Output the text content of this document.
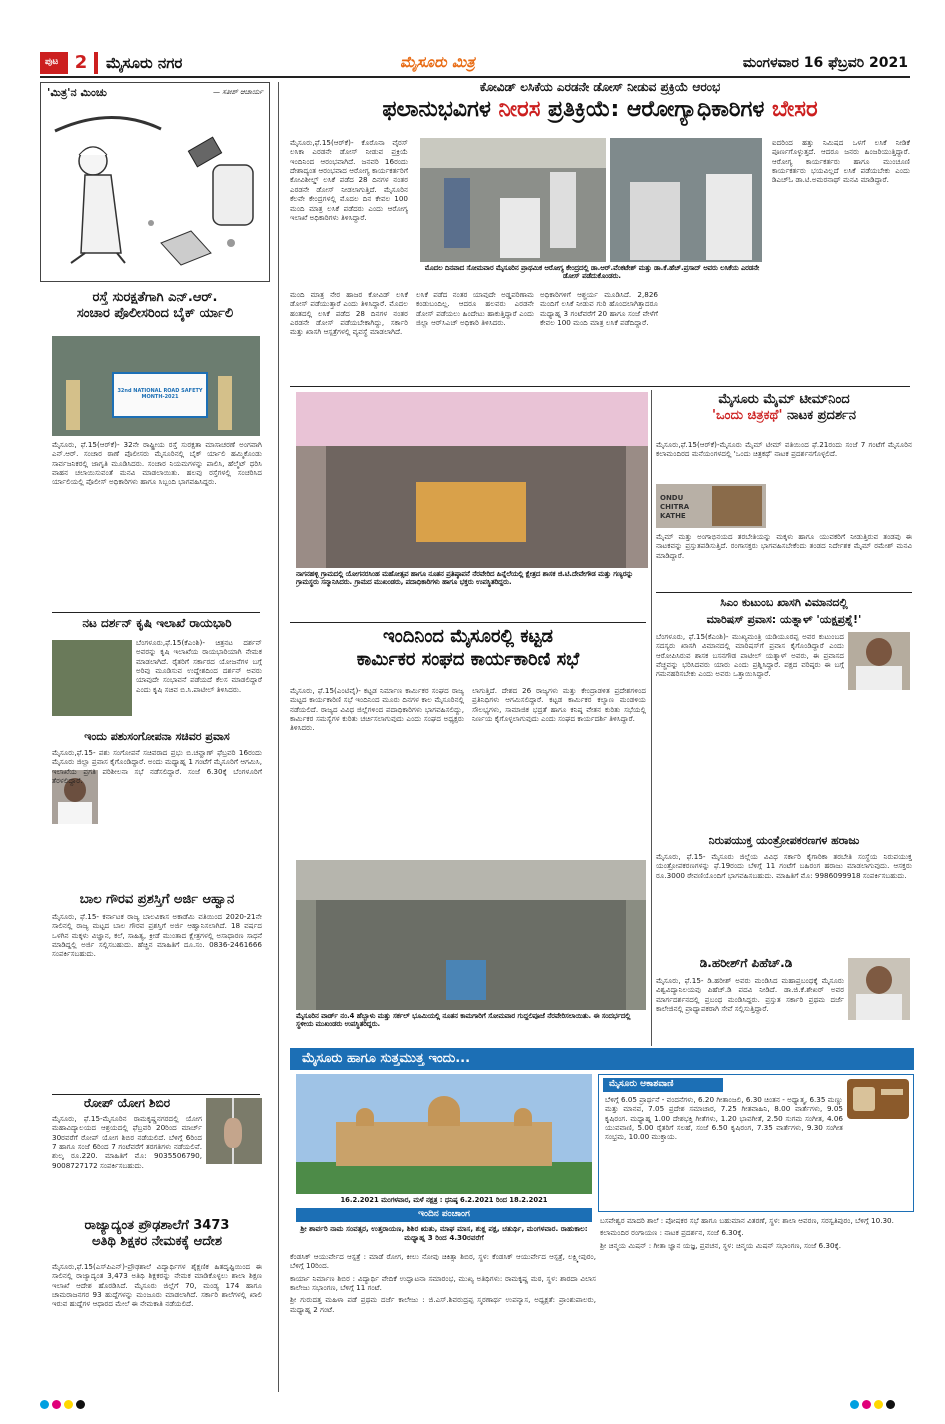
ಪುಟ 2	ಮೈಸೂರು ನಗರ	ಮೈಸೂರು ಮಿತ್ರ	ಮಂಗಳವಾರ 16 ಫೆಬ್ರವರಿ 2021
'ಮಿತ್ರ'ನ ಮಿಂಚು	— ಸತೀಶ್ ಆಚಾರ್ಯ
ರಸ್ತೆ ಸುರಕ್ಷತೆಗಾಗಿ ಎನ್.ಆರ್.
ಸಂಚಾರ ಪೊಲೀಸರಿಂದ ಬೈಕ್ ರ್ಯಾಲಿ
32nd NATIONAL ROAD SAFETY MONTH-2021
ಮೈಸೂರು, ಫೆ.15(ಆರ್‌ಕೆ)- 32ನೇ ರಾಷ್ಟ್ರೀಯ ರಸ್ತೆ ಸುರಕ್ಷತಾ ಮಾಸಾಚರಣೆ ಅಂಗವಾಗಿ ಎನ್.ಆರ್. ಸಂಚಾರ ಠಾಣೆ ಪೊಲೀಸರು ಮೈಸೂರಿನಲ್ಲಿ ಬೈಕ್ ರ್ಯಾಲಿ ಹಮ್ಮಿಕೊಂಡು ಸಾರ್ವಜನಿಕರಲ್ಲಿ ಜಾಗೃತಿ ಮೂಡಿಸಿದರು. ಸಂಚಾರ ನಿಯಮಗಳನ್ನು ಪಾಲಿಸಿ, ಹೆಲ್ಮೆಟ್ ಧರಿಸಿ ವಾಹನ ಚಲಾಯಿಸುವಂತೆ ಮನವಿ ಮಾಡಲಾಯಿತು. ಹಲವು ರಸ್ತೆಗಳಲ್ಲಿ ಸಂಚರಿಸಿದ ರ್ಯಾಲಿಯಲ್ಲಿ ಪೊಲೀಸ್ ಅಧಿಕಾರಿಗಳು ಹಾಗೂ ಸಿಬ್ಬಂದಿ ಭಾಗವಹಿಸಿದ್ದರು.
ನಟ ದರ್ಶನ್ ಕೃಷಿ ಇಲಾಖೆ ರಾಯಭಾರಿ
ಬೆಂಗಳೂರು,ಫೆ.15(ಕೆಎಂಶಿ)- ಚಿತ್ರನಟ ದರ್ಶನ್ ಅವರನ್ನು ಕೃಷಿ ಇಲಾಖೆಯ ರಾಯಭಾರಿಯಾಗಿ ನೇಮಕ ಮಾಡಲಾಗಿದೆ. ರೈತರಿಗೆ ಸರ್ಕಾರದ ಯೋಜನೆಗಳ ಬಗ್ಗೆ ಅರಿವು ಮೂಡಿಸುವ ಉದ್ದೇಶದಿಂದ ದರ್ಶನ್ ಅವರು ಯಾವುದೇ ಸಂಭಾವನೆ ಪಡೆಯದೆ ಕೆಲಸ ಮಾಡಲಿದ್ದಾರೆ ಎಂದು ಕೃಷಿ ಸಚಿವ ಬಿ.ಸಿ.ಪಾಟೀಲ್ ತಿಳಿಸಿದರು.
ಇಂದು ಪಶುಸಂಗೋಪನಾ ಸಚಿವರ ಪ್ರವಾಸ
ಮೈಸೂರು,ಫೆ.15- ಪಶು ಸಂಗೋಪನೆ ಸಚಿವರಾದ ಪ್ರಭು ಬಿ.ಚವ್ಹಾಣ್ ಫೆಬ್ರವರಿ 16ರಂದು ಮೈಸೂರು ಜಿಲ್ಲಾ ಪ್ರವಾಸ ಕೈಗೊಂಡಿದ್ದಾರೆ. ಅಂದು ಮಧ್ಯಾಹ್ನ 1 ಗಂಟೆಗೆ ಮೈಸೂರಿಗೆ ಆಗಮಿಸಿ, ಇಲಾಖೆಯ ಪ್ರಗತಿ ಪರಿಶೀಲನಾ ಸಭೆ ನಡೆಸಲಿದ್ದಾರೆ. ಸಂಜೆ 6.30ಕ್ಕೆ ಬೆಂಗಳೂರಿಗೆ ತೆರಳಲಿದ್ದಾರೆ.
ಬಾಲ ಗೌರವ ಪ್ರಶಸ್ತಿಗೆ ಅರ್ಜಿ ಆಹ್ವಾನ
ಮೈಸೂರು, ಫೆ.15- ಕರ್ನಾಟಕ ರಾಜ್ಯ ಬಾಲವಿಕಾಸ ಅಕಾಡೆಮಿ ವತಿಯಿಂದ 2020-21ನೇ ಸಾಲಿನಲ್ಲಿ ರಾಜ್ಯ ಮಟ್ಟದ ಬಾಲ ಗೌರವ ಪ್ರಶಸ್ತಿಗೆ ಅರ್ಜಿ ಆಹ್ವಾನಿಸಲಾಗಿದೆ. 18 ವರ್ಷದ ಒಳಗಿನ ಮಕ್ಕಳು ವಿಜ್ಞಾನ, ಕಲೆ, ಸಾಹಿತ್ಯ, ಕ್ರೀಡೆ ಮುಂತಾದ ಕ್ಷೇತ್ರಗಳಲ್ಲಿ ಅಸಾಧಾರಣ ಸಾಧನೆ ಮಾಡಿದ್ದಲ್ಲಿ ಅರ್ಜಿ ಸಲ್ಲಿಸಬಹುದು. ಹೆಚ್ಚಿನ ಮಾಹಿತಿಗೆ ದೂ.ಸಂ. 0836-2461666 ಸಂಪರ್ಕಿಸಬಹುದು.
ರೋಪ್ ಯೋಗ ಶಿಬಿರ
ಮೈಸೂರು, ಫೆ.15-ಮೈಸೂರಿನ ರಾಮಕೃಷ್ಣನಗರದಲ್ಲಿ ಯೋಗ ಮಹಾವಿದ್ಯಾಲಯದ ಆಶ್ರಯದಲ್ಲಿ ಫೆಬ್ರವರಿ 20ರಿಂದ ಮಾರ್ಚ್ 30ರವರೆಗೆ ರೋಪ್ ಯೋಗ ಶಿಬಿರ ನಡೆಯಲಿದೆ. ಬೆಳಿಗ್ಗೆ 6ರಿಂದ 7 ಹಾಗೂ ಸಂಜೆ 6ರಿಂದ 7 ಗಂಟೆವರೆಗೆ ತರಗತಿಗಳು ನಡೆಯಲಿವೆ. ಶುಲ್ಕ ರೂ.220. ಮಾಹಿತಿಗೆ ಮೊ: 9035506790, 9008727172 ಸಂಪರ್ಕಿಸಬಹುದು.
ರಾಜ್ಯಾದ್ಯಂತ ಪ್ರೌಢಶಾಲೆಗೆ 3473
ಅತಿಥಿ ಶಿಕ್ಷಕರ ನೇಮಕಕ್ಕೆ ಆದೇಶ
ಮೈಸೂರು,ಫೆ.15(ಎಸ್‌ಪಿಎನ್)-ಪ್ರೌಢಶಾಲೆ ವಿದ್ಯಾರ್ಥಿಗಳ ಶೈಕ್ಷಣಿಕ ಹಿತದೃಷ್ಟಿಯಿಂದ ಈ ಸಾಲಿನಲ್ಲಿ ರಾಜ್ಯಾದ್ಯಂತ 3,473 ಅತಿಥಿ ಶಿಕ್ಷಕರನ್ನು ನೇಮಕ ಮಾಡಿಕೊಳ್ಳಲು ಶಾಲಾ ಶಿಕ್ಷಣ ಇಲಾಖೆ ಆದೇಶ ಹೊರಡಿಸಿದೆ. ಮೈಸೂರು ಜಿಲ್ಲೆಗೆ 70, ಮಂಡ್ಯ 174 ಹಾಗೂ ಚಾಮರಾಜನಗರ 93 ಹುದ್ದೆಗಳನ್ನು ಮಂಜೂರು ಮಾಡಲಾಗಿದೆ. ಸರ್ಕಾರಿ ಶಾಲೆಗಳಲ್ಲಿ ಖಾಲಿ ಇರುವ ಹುದ್ದೆಗಳ ಆಧಾರದ ಮೇಲೆ ಈ ನೇಮಕಾತಿ ನಡೆಯಲಿದೆ.
ಕೋವಿಡ್ ಲಸಿಕೆಯ ಎರಡನೇ ಡೋಸ್ ನೀಡುವ ಪ್ರಕ್ರಿಯೆ ಆರಂಭ
ಫಲಾನುಭವಿಗಳ ನೀರಸ ಪ್ರತಿಕ್ರಿಯೆ: ಆರೋಗ್ಯಾಧಿಕಾರಿಗಳ ಬೇಸರ
ಮೈಸೂರು,ಫೆ.15(ಆರ್‌ಕೆ)- ಕೊರೊನಾ ವೈರಸ್ ಲಸಿಕಾ ಎರಡನೇ ಡೋಸ್ ನೀಡುವ ಪ್ರಕ್ರಿಯೆ ಇಂದಿನಿಂದ ಆರಂಭವಾಗಿದೆ. ಜನವರಿ 16ರಂದು ದೇಶಾದ್ಯಂತ ಆರಂಭವಾದ ಆರೋಗ್ಯ ಕಾರ್ಯಕರ್ತರಿಗೆ ಕೋವಿಶೀಲ್ಡ್ ಲಸಿಕೆ ಪಡೆದ 28 ದಿನಗಳ ನಂತರ ಎರಡನೇ ಡೋಸ್ ನೀಡಲಾಗುತ್ತಿದೆ. ಮೈಸೂರಿನ ಕೆಲವೇ ಕೇಂದ್ರಗಳಲ್ಲಿ ಮೊದಲ ದಿನ ಕೇವಲ 100 ಮಂದಿ ಮಾತ್ರ ಲಸಿಕೆ ಪಡೆದರು ಎಂದು ಆರೋಗ್ಯ ಇಲಾಖೆ ಅಧಿಕಾರಿಗಳು ತಿಳಿಸಿದ್ದಾರೆ.
ಮೊದಲ ದಿನವಾದ ಸೋಮವಾರ ಮೈಸೂರಿನ ಪ್ರಾಥಮಿಕ ಆರೋಗ್ಯ ಕೇಂದ್ರದಲ್ಲಿ ಡಾ.ಆರ್.ವೆಂಕಟೇಶ್ ಮತ್ತು ಡಾ.ಕೆ.ಹೆಚ್.ಪ್ರಸಾದ್ ಅವರು ಲಸಿಕೆಯ ಎರಡನೇ ಡೋಸ್ ಪಡೆದುಕೊಂಡರು.
ಐದರಿಂದ ಹತ್ತು ನಿಮಿಷದ ಒಳಗೆ ಲಸಿಕೆ ನೀಡಿಕೆ ಪೂರ್ಣಗೊಳ್ಳುತ್ತದೆ. ಆದರೂ ಜನರು ಹಿಂಜರಿಯುತ್ತಿದ್ದಾರೆ. ಆರೋಗ್ಯ ಕಾರ್ಯಕರ್ತರು ಹಾಗೂ ಮುಂಚೂಣಿ ಕಾರ್ಯಕರ್ತರು ಭಯವಿಲ್ಲದೆ ಲಸಿಕೆ ಪಡೆಯಬೇಕು ಎಂದು ಡಿಎಚ್‌ಓ ಡಾ.ಟಿ.ಅಮರನಾಥ್ ಮನವಿ ಮಾಡಿದ್ದಾರೆ.
ಮಂದಿ ಮಾತ್ರ ನೇರ ಹಾಜರ ಕೋವಿಡ್ ಲಸಿಕೆ ಡೋಸ್ ಪಡೆಯುತ್ತಾರೆ ಎಂದು ತಿಳಿಸಿದ್ದಾರೆ. ಮೊದಲ ಹಂತದಲ್ಲಿ ಲಸಿಕೆ ಪಡೆದ 28 ದಿನಗಳ ನಂತರ ಎರಡನೇ ಡೋಸ್ ಪಡೆಯಬೇಕಾಗಿದ್ದು, ಸರ್ಕಾರಿ ಮತ್ತು ಖಾಸಗಿ ಆಸ್ಪತ್ರೆಗಳಲ್ಲಿ ವ್ಯವಸ್ಥೆ ಮಾಡಲಾಗಿದೆ.
ಲಸಿಕೆ ಪಡೆದ ನಂತರ ಯಾವುದೇ ಅಡ್ಡಪರಿಣಾಮ ಕಂಡುಬಂದಿಲ್ಲ. ಆದರೂ ಹಲವರು ಎರಡನೇ ಡೋಸ್ ಪಡೆಯಲು ಹಿಂದೇಟು ಹಾಕುತ್ತಿದ್ದಾರೆ ಎಂದು ಜಿಲ್ಲಾ ಆರ್‌ಸಿಎಚ್ ಅಧಿಕಾರಿ ತಿಳಿಸಿದರು.
ಅಧಿಕಾರಿಗಳಿಗೆ ಆಶ್ಚರ್ಯ ಮೂಡಿಸಿದೆ. 2,826 ಮಂದಿಗೆ ಲಸಿಕೆ ನೀಡುವ ಗುರಿ ಹೊಂದಲಾಗಿತ್ತಾದರೂ ಮಧ್ಯಾಹ್ನ 3 ಗಂಟೆವರೆಗೆ 20 ಹಾಗೂ ಸಂಜೆ ವೇಳೆಗೆ ಕೇವಲ 100 ಮಂದಿ ಮಾತ್ರ ಲಸಿಕೆ ಪಡೆದಿದ್ದಾರೆ.
ನಾಗನಹಳ್ಳಿ ಗ್ರಾಮದಲ್ಲಿ ಯೋಗನರಸಿಂಹ ಮಹೋತ್ಸವ ಹಾಗೂ ನೂತನ ಪ್ರತಿಷ್ಠಾಪನೆ ನೆರವೇರಿದ ಹಿನ್ನೆಲೆಯಲ್ಲಿ ಕ್ಷೇತ್ರದ ಶಾಸಕ ಜಿ.ಟಿ.ದೇವೇಗೌಡ ಮತ್ತು ಗಣ್ಯರನ್ನು ಗ್ರಾಮಸ್ಥರು ಸನ್ಮಾನಿಸಿದರು. ಗ್ರಾಮದ ಮುಖಂಡರು, ಪದಾಧಿಕಾರಿಗಳು ಹಾಗೂ ಭಕ್ತರು ಉಪಸ್ಥಿತರಿದ್ದರು.
ಮೈಸೂರು ಮೈಮ್ ಟೀಮ್‌ನಿಂದ
'ಒಂದು ಚಿತ್ರಕಥೆ' ನಾಟಕ ಪ್ರದರ್ಶನ
ಮೈಸೂರು,ಫೆ.15(ಆರ್‌ಕೆ)-ಮೈಸೂರು ಮೈಮ್ ಟೀಮ್ ವತಿಯಿಂದ ಫೆ.21ರಂದು ಸಂಜೆ 7 ಗಂಟೆಗೆ ಮೈಸೂರಿನ ಕಲಾಮಂದಿರದ ಮನೆಯಂಗಳದಲ್ಲಿ 'ಒಂದು ಚಿತ್ರಕಥೆ' ನಾಟಕ ಪ್ರದರ್ಶನಗೊಳ್ಳಲಿದೆ.
ONDU CHITRA KATHE
ಮೈಮ್ ಮತ್ತು ಅಂಗಾಭಿನಯದ ತರಬೇತಿಯನ್ನು ಮಕ್ಕಳು ಹಾಗೂ ಯುವಕರಿಗೆ ನೀಡುತ್ತಿರುವ ತಂಡವು ಈ ನಾಟಕವನ್ನು ಪ್ರಸ್ತುತಪಡಿಸುತ್ತಿದೆ. ರಂಗಾಸಕ್ತರು ಭಾಗವಹಿಸಬೇಕೆಂದು ತಂಡದ ನಿರ್ದೇಶಕ ಮೈಮ್ ರಮೇಶ್ ಮನವಿ ಮಾಡಿದ್ದಾರೆ.
ಸಿಎಂ ಕುಟುಂಬ ಖಾಸಗಿ ವಿಮಾನದಲ್ಲಿ
ಮಾರಿಷಸ್ ಪ್ರವಾಸ: ಯತ್ನಾಳ್ 'ಯಕ್ಷಪ್ರಶ್ನೆ!'
ಬೆಂಗಳೂರು, ಫೆ.15(ಕೆಎಂಶಿ)- ಮುಖ್ಯಮಂತ್ರಿ ಯಡಿಯೂರಪ್ಪ ಅವರ ಕುಟುಂಬದ ಸದಸ್ಯರು ಖಾಸಗಿ ವಿಮಾನದಲ್ಲಿ ಮಾರಿಷಸ್‌ಗೆ ಪ್ರವಾಸ ಕೈಗೊಂಡಿದ್ದಾರೆ ಎಂದು ಆರೋಪಿಸಿರುವ ಶಾಸಕ ಬಸನಗೌಡ ಪಾಟೀಲ್ ಯತ್ನಾಳ್ ಅವರು, ಈ ಪ್ರವಾಸದ ವೆಚ್ಚವನ್ನು ಭರಿಸಿದವರು ಯಾರು ಎಂದು ಪ್ರಶ್ನಿಸಿದ್ದಾರೆ. ಪಕ್ಷದ ವರಿಷ್ಠರು ಈ ಬಗ್ಗೆ ಗಮನಹರಿಸಬೇಕು ಎಂದು ಅವರು ಒತ್ತಾಯಿಸಿದ್ದಾರೆ.
ನಿರುಪಯುಕ್ತ ಯಂತ್ರೋಪಕರಣಗಳ ಹರಾಜು
ಮೈಸೂರು, ಫೆ.15- ಮೈಸೂರು ಜಿಲ್ಲೆಯ ವಿವಿಧ ಸರ್ಕಾರಿ ಕೈಗಾರಿಕಾ ತರಬೇತಿ ಸಂಸ್ಥೆಯ ನಿರುಪಯುಕ್ತ ಯಂತ್ರೋಪಕರಣಗಳನ್ನು ಫೆ.19ರಂದು ಬೆಳಿಗ್ಗೆ 11 ಗಂಟೆಗೆ ಬಹಿರಂಗ ಹರಾಜು ಮಾಡಲಾಗುವುದು. ಆಸಕ್ತರು ರೂ.3000 ಠೇವಣಿಯೊಂದಿಗೆ ಭಾಗವಹಿಸಬಹುದು. ಮಾಹಿತಿಗೆ ಮೊ: 9986099918 ಸಂಪರ್ಕಿಸಬಹುದು.
ಡಿ.ಹರೀಶ್‌ಗೆ ಪಿಹೆಚ್.ಡಿ
ಮೈಸೂರು, ಫೆ.15- ಡಿ.ಹರೀಶ್ ಅವರು ಮಂಡಿಸಿದ ಮಹಾಪ್ರಬಂಧಕ್ಕೆ ಮೈಸೂರು ವಿಶ್ವವಿದ್ಯಾನಿಲಯವು ಪಿಹೆಚ್.ಡಿ ಪದವಿ ನೀಡಿದೆ. ಡಾ.ಜಿ.ಕೆ.ಶೇಖರ್ ಅವರ ಮಾರ್ಗದರ್ಶನದಲ್ಲಿ ಪ್ರಬಂಧ ಮಂಡಿಸಿದ್ದರು. ಪ್ರಸ್ತುತ ಸರ್ಕಾರಿ ಪ್ರಥಮ ದರ್ಜೆ ಕಾಲೇಜಿನಲ್ಲಿ ಪ್ರಾಧ್ಯಾಪಕರಾಗಿ ಸೇವೆ ಸಲ್ಲಿಸುತ್ತಿದ್ದಾರೆ.
ಇಂದಿನಿಂದ ಮೈಸೂರಲ್ಲಿ ಕಟ್ಟಡ
ಕಾರ್ಮಿಕರ ಸಂಘದ ಕಾರ್ಯಕಾರಿಣಿ ಸಭೆ
ಮೈಸೂರು, ಫೆ.15(ಎಂಟಿವೈ)- ಕಟ್ಟಡ ನಿರ್ಮಾಣ ಕಾರ್ಮಿಕರ ಸಂಘದ ರಾಜ್ಯ ಮಟ್ಟದ ಕಾರ್ಯಕಾರಿಣಿ ಸಭೆ ಇಂದಿನಿಂದ ಮೂರು ದಿನಗಳ ಕಾಲ ಮೈಸೂರಿನಲ್ಲಿ ನಡೆಯಲಿದೆ. ರಾಜ್ಯದ ವಿವಿಧ ಜಿಲ್ಲೆಗಳಿಂದ ಪದಾಧಿಕಾರಿಗಳು ಭಾಗವಹಿಸಲಿದ್ದು, ಕಾರ್ಮಿಕರ ಸಮಸ್ಯೆಗಳ ಕುರಿತು ಚರ್ಚಿಸಲಾಗುವುದು ಎಂದು ಸಂಘದ ಅಧ್ಯಕ್ಷರು ತಿಳಿಸಿದರು.
ಲಾಗುತ್ತಿದೆ. ದೇಶದ 26 ರಾಜ್ಯಗಳು ಮತ್ತು ಕೇಂದ್ರಾಡಳಿತ ಪ್ರದೇಶಗಳಿಂದ ಪ್ರತಿನಿಧಿಗಳು ಆಗಮಿಸಲಿದ್ದಾರೆ. ಕಟ್ಟಡ ಕಾರ್ಮಿಕರ ಕಲ್ಯಾಣ ಮಂಡಳಿಯ ಸೌಲಭ್ಯಗಳು, ಸಾಮಾಜಿಕ ಭದ್ರತೆ ಹಾಗೂ ಕನಿಷ್ಠ ವೇತನ ಕುರಿತು ಸಭೆಯಲ್ಲಿ ನಿರ್ಣಯ ಕೈಗೊಳ್ಳಲಾಗುವುದು ಎಂದು ಸಂಘದ ಕಾರ್ಯದರ್ಶಿ ತಿಳಿಸಿದ್ದಾರೆ.
ಮೈಸೂರಿನ ವಾರ್ಡ್ ನಂ.4 ಹೆಬ್ಬಾಳು ಮತ್ತು ಸರ್ಕಲ್ ಭೂಮಿಯಲ್ಲಿ ನೂತನ ಕಾಮಗಾರಿಗೆ ಸೋಮವಾರ ಗುದ್ದಲಿಪೂಜೆ ನೆರವೇರಿಸಲಾಯಿತು. ಈ ಸಂದರ್ಭದಲ್ಲಿ ಸ್ಥಳೀಯ ಮುಖಂಡರು ಉಪಸ್ಥಿತರಿದ್ದರು.
ಮೈಸೂರು ಹಾಗೂ ಸುತ್ತಮುತ್ತ ಇಂದು...
16.2.2021 ಮಂಗಳವಾರ, ಮಳೆ ನಕ್ಷತ್ರ : ಧನಿಷ್ಠ 6.2.2021 ರಿಂದ 18.2.2021
ಇಂದಿನ ಪಂಚಾಂಗ
ಶ್ರೀ ಶಾರ್ವರಿ ನಾಮ ಸಂವತ್ಸರ, ಉತ್ತರಾಯಣ, ಶಿಶಿರ ಋತು, ಮಾಘ ಮಾಸ, ಶುಕ್ಲ ಪಕ್ಷ, ಚತುರ್ಥಿ, ಮಂಗಳವಾರ. ರಾಹುಕಾಲ: ಮಧ್ಯಾಹ್ನ 3 ರಿಂದ 4.30ರವರೆಗೆ
ಮೈಸೂರು ಆಕಾಶವಾಣಿ
ಬೆಳಿಗ್ಗೆ 6.05 ಪ್ರಾರ್ಥನೆ - ವಂದನೆಗಳು, 6.20 ಗೀತಾಂಜಲಿ, 6.30 ಚಿಂತನ - ಅಧ್ಯಾತ್ಮ, 6.35 ಮಣ್ಣು ಮತ್ತು ಮಾನವ, 7.05 ಪ್ರದೇಶ ಸಮಾಚಾರ, 7.25 ಗೀತವಾಹಿನಿ, 8.00 ವಾರ್ತೆಗಳು, 9.05 ಕೃಷಿರಂಗ. ಮಧ್ಯಾಹ್ನ 1.00 ದೇಶಭಕ್ತಿ ಗೀತೆಗಳು, 1.20 ಭಾವಗೀತೆ, 2.50 ಸುಗಮ ಸಂಗೀತ, 4.06 ಯುವವಾಣಿ, 5.00 ರೈತರಿಗೆ ಸಲಹೆ, ಸಂಜೆ 6.50 ಕೃಷಿರಂಗ, 7.35 ವಾರ್ತೆಗಳು, 9.30 ಸಂಗೀತ ಸಂಭ್ರಮ, 10.00 ಮುಕ್ತಾಯ.
ಕೆಂಡಸಿಕ್‌ ಆಯುರ್ವೇದ ಆಸ್ಪತ್ರೆ : ಮಾಡೆ ರೋಗ, ಕೀಲು ನೋವು ಚಿಕಿತ್ಸಾ ಶಿಬಿರ, ಸ್ಥಳ: ಕೆಂಡಸಿಕ್ ಆಯುರ್ವೇದ ಆಸ್ಪತ್ರೆ, ಲಕ್ಷ್ಮೀಪುರಂ, ಬೆಳಿಗ್ಗೆ 10ರಿಂದ.
ಕಾರ್ಯಾ ನಿರ್ಮಾಣ ಶಿಬಿರ : ವಿದ್ಯಾರ್ಥಿ ವೇದಿಕೆ ಉದ್ಘಾಟನಾ ಸಮಾರಂಭ, ಮುಖ್ಯ ಅತಿಥಿಗಳು: ರಾಮಕೃಷ್ಣ ಮಠ, ಸ್ಥಳ: ಶಾರದಾ ವಿಲಾಸ ಕಾಲೇಜು ಸಭಾಂಗಣ, ಬೆಳಿಗ್ಗೆ 11 ಗಂಟೆ.
ಶ್ರೀ ಗುರುದತ್ತ ಮಹಿಳಾ ಪಡೆ ಪ್ರಥಮ ದರ್ಜೆ ಕಾಲೇಜು : ಜಿ.ಎಸ್.ಶಿವರುದ್ರಪ್ಪ ಸ್ಮರಣಾರ್ಥ ಉಪನ್ಯಾಸ, ಅಧ್ಯಕ್ಷತೆ: ಪ್ರಾಂಶುಪಾಲರು, ಮಧ್ಯಾಹ್ನ 2 ಗಂಟೆ.
ಬಸವೇಶ್ವರ ಮಾದರಿ ಶಾಲೆ : ಪೋಷಕರ ಸಭೆ ಹಾಗೂ ಬಹುಮಾನ ವಿತರಣೆ, ಸ್ಥಳ: ಶಾಲಾ ಆವರಣ, ಸರಸ್ವತಿಪುರಂ, ಬೆಳಿಗ್ಗೆ 10.30.
ಕಲಾಮಂದಿರ ರಂಗಾಯಣ : ನಾಟಕ ಪ್ರದರ್ಶನ, ಸಂಜೆ 6.30ಕ್ಕೆ.
ಶ್ರೀ ಚಿನ್ಮಯ ಮಿಷನ್ : ಗೀತಾ ಜ್ಞಾನ ಯಜ್ಞ, ಪ್ರವಚನ, ಸ್ಥಳ: ಚಿನ್ಮಯ ಮಿಷನ್ ಸಭಾಂಗಣ, ಸಂಜೆ 6.30ಕ್ಕೆ.
